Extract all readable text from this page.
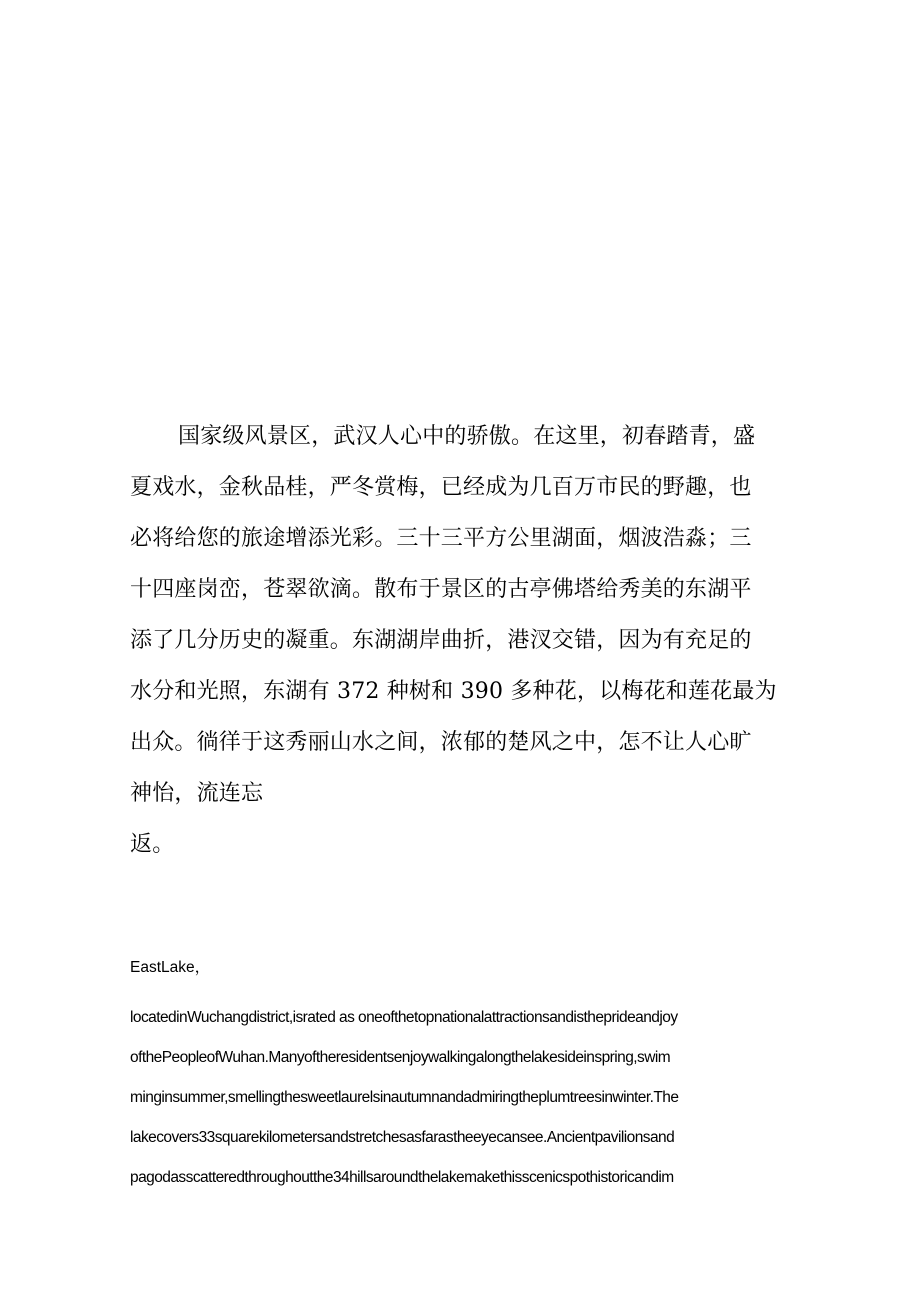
国家级风景区，武汉人心中的骄傲。在这里，初春踏青，盛
夏戏水，金秋品桂，严冬赏梅，已经成为几百万市民的野趣，也
必将给您的旅途增添光彩。三十三平方公里湖面，烟波浩淼；三
十四座岗峦，苍翠欲滴。散布于景区的古亭佛塔给秀美的东湖平
添了几分历史的凝重。东湖湖岸曲折，港汊交错，因为有充足的
水分和光照，东湖有 372 种树和 390 多种花，以梅花和莲花最为
出众。徜徉于这秀丽山水之间，浓郁的楚风之中，怎不让人心旷
神怡，流连忘
返。
EastLake，
locatedinWuchangdistrict,israted as oneofthetopnationalattractionsandistheprideandjoy
ofthePeopleofWuhan.Manyoftheresidentsenjoywalkingalongthelakesideinspring,swim
minginsummer,smellingthesweetlaurelsinautumnandadmiringtheplumtreesinwinter.The
lakecovers33squarekilometersandstretchesasfarastheeyecansee.Ancientpavilionsand
pagodasscatteredthroughoutthe34hillsaroundthelakemakethisscenicspothistoricandim
